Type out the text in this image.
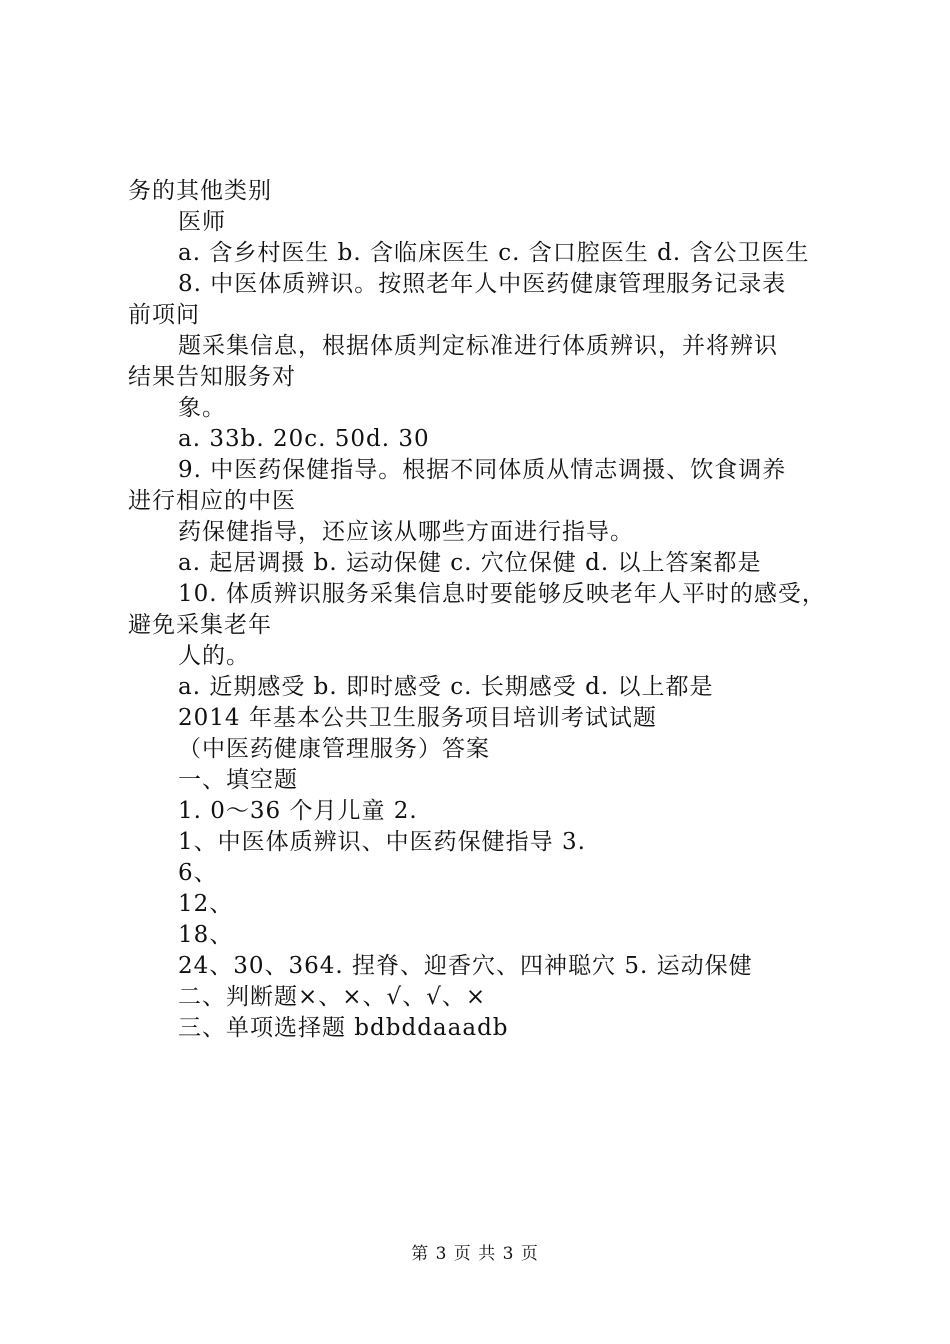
务的其他类别
医师
a. 含乡村医生 b. 含临床医生 c. 含口腔医生 d. 含公卫医生
8. 中医体质辨识。按照老年人中医药健康管理服务记录表
前项问
题采集信息，根据体质判定标准进行体质辨识，并将辨识
结果告知服务对
象。
a. 33b. 20c. 50d. 30
9. 中医药保健指导。根据不同体质从情志调摄、饮食调养
进行相应的中医
药保健指导，还应该从哪些方面进行指导。
a. 起居调摄 b. 运动保健 c. 穴位保健 d. 以上答案都是
10. 体质辨识服务采集信息时要能够反映老年人平时的感受，
避免采集老年
人的。
a. 近期感受 b. 即时感受 c. 长期感受 d. 以上都是
2014 年基本公共卫生服务项目培训考试试题
（中医药健康管理服务）答案
一、填空题
1. 0～36 个月儿童 2.
1、中医体质辨识、中医药保健指导 3.
6、
12、
18、
24、30、364. 捏脊、迎香穴、四神聪穴 5. 运动保健
二、判断题×、×、√、√、×
三、单项选择题 bdbddaaadb
第 3 页 共 3 页
